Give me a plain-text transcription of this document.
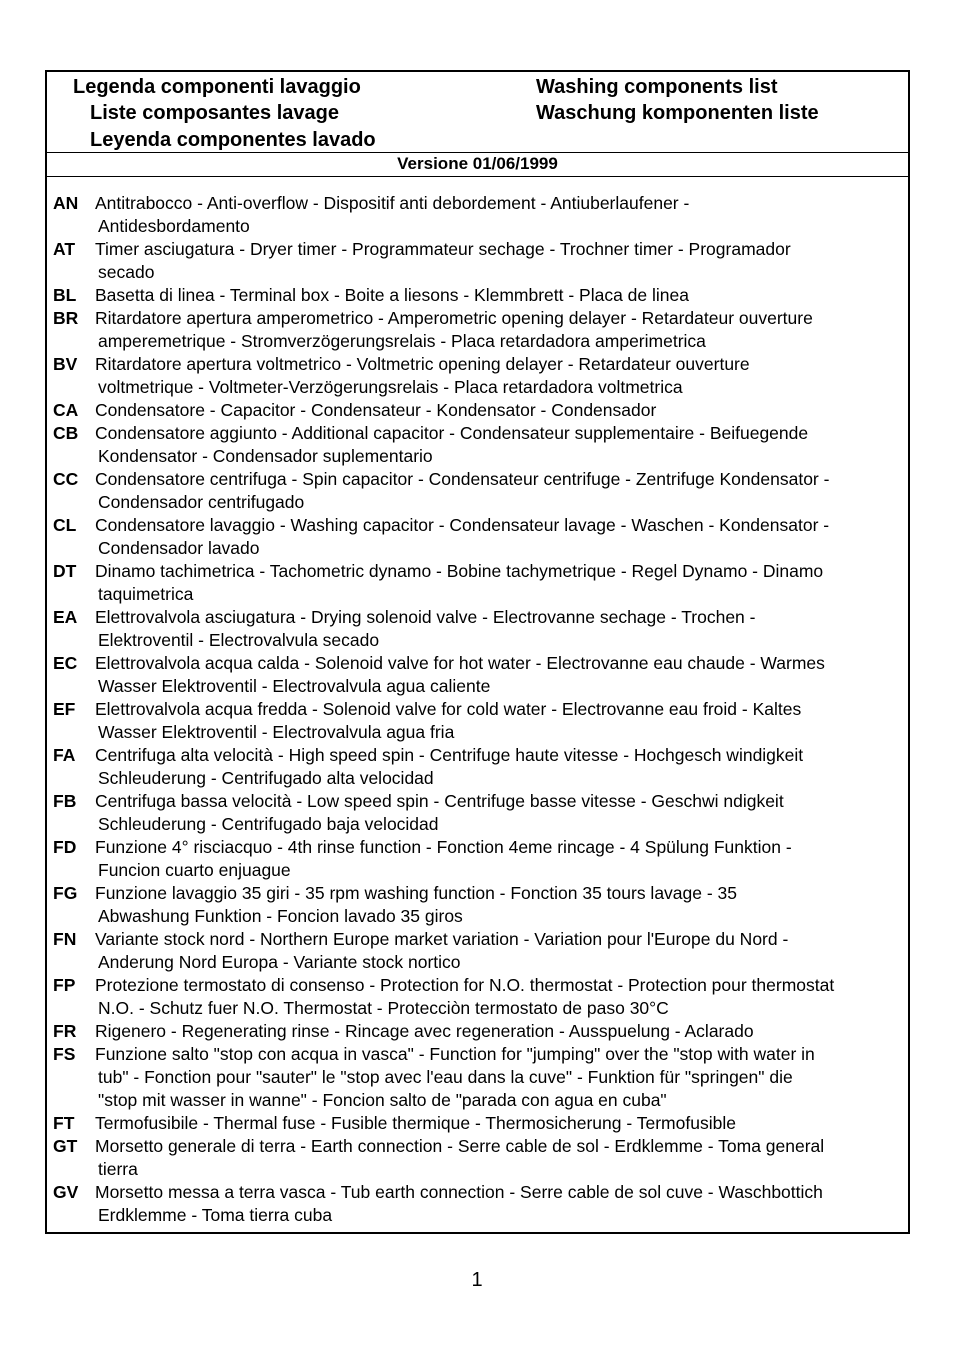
Legenda componenti lavaggio
Liste composantes lavage
Leyenda componentes lavado
Washing components list
Waschung komponenten liste
Versione 01/06/1999
AN Antitrabocco - Anti-overflow - Dispositif anti debordement - Antiuberlaufener -
Antidesbordamento
AT Timer asciugatura - Dryer timer - Programmateur sechage - Trochner timer - Programador
secado
BL Basetta di linea - Terminal box - Boite a liesons - Klemmbrett - Placa de linea
BR Ritardatore apertura amperometrico - Amperometric opening delayer - Retardateur ouverture
amperemetrique - Stromverzögerungsrelais - Placa retardadora amperimetrica
BV Ritardatore apertura voltmetrico - Voltmetric opening delayer - Retardateur ouverture
voltmetrique - Voltmeter-Verzögerungsrelais - Placa retardadora voltmetrica
CA Condensatore - Capacitor - Condensateur - Kondensator - Condensador
CB Condensatore aggiunto - Additional capacitor - Condensateur supplementaire - Beifuegende
Kondensator - Condensador suplementario
CC Condensatore centrifuga - Spin capacitor - Condensateur centrifuge - Zentrifuge Kondensator -
Condensador centrifugado
CL Condensatore lavaggio - Washing capacitor - Condensateur lavage - Waschen - Kondensator -
Condensador lavado
DT Dinamo tachimetrica - Tachometric dynamo - Bobine tachymetrique - Regel Dynamo - Dinamo
taquimetrica
EA Elettrovalvola asciugatura - Drying solenoid valve - Electrovanne sechage - Trochen -
Elektroventil - Electrovalvula secado
EC Elettrovalvola acqua calda - Solenoid valve for hot water - Electrovanne eau chaude - Warmes
Wasser Elektroventil - Electrovalvula agua caliente
EF Elettrovalvola acqua fredda - Solenoid valve for cold water - Electrovanne eau froid - Kaltes
Wasser Elektroventil - Electrovalvula agua fria
FA Centrifuga alta velocità - High speed spin - Centrifuge haute vitesse - Hochgesch windigkeit
Schleuderung - Centrifugado alta velocidad
FB Centrifuga bassa velocità - Low speed spin - Centrifuge basse vitesse - Geschwi ndigkeit
Schleuderung - Centrifugado baja velocidad
FD Funzione 4° risciacquo - 4th rinse function - Fonction 4eme rincage - 4 Spülung Funktion -
Funcion cuarto enjuague
FG Funzione lavaggio 35 giri - 35 rpm washing function - Fonction 35 tours lavage - 35
Abwashung Funktion - Foncion lavado 35 giros
FN Variante stock nord - Northern Europe market variation - Variation pour l'Europe du Nord -
Anderung Nord Europa - Variante stock nortico
FP Protezione termostato di consenso - Protection for N.O. thermostat - Protection pour thermostat
N.O. - Schutz fuer N.O. Thermostat - Protecciòn termostato de paso 30°C
FR Rigenero - Regenerating rinse - Rincage avec regeneration - Ausspuelung - Aclarado
FS Funzione salto "stop con acqua in vasca" - Function for "jumping" over the "stop with water in
tub" - Fonction pour "sauter" le "stop avec l'eau dans la cuve" - Funktion für "springen" die
"stop mit wasser in wanne" - Foncion salto de "parada con agua en cuba"
FT Termofusibile - Thermal fuse - Fusible thermique - Thermosicherung - Termofusible
GT Morsetto generale di terra - Earth connection - Serre cable de sol - Erdklemme - Toma general
tierra
GV Morsetto messa a terra vasca - Tub earth connection - Serre cable de sol cuve - Waschbottich
Erdklemme - Toma tierra cuba
1
